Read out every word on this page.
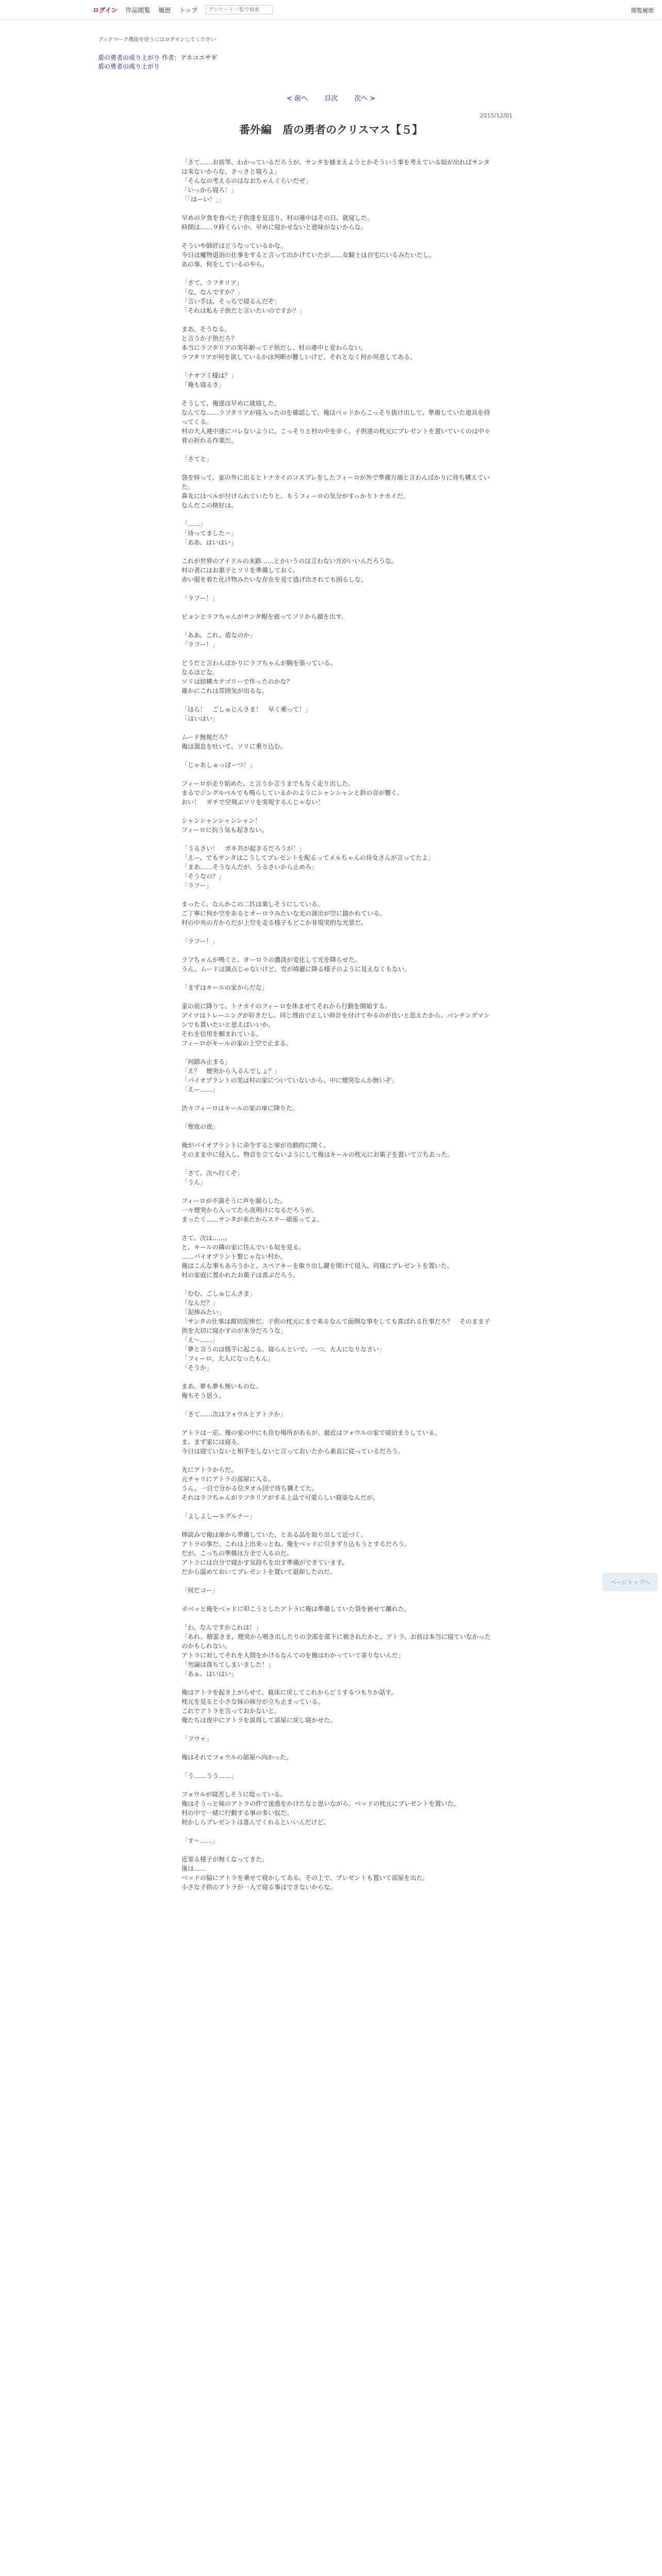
ログイン 作品閲覧 履歴 トップ
アンケート一覧で検索	閲覧履歴
ブックマーク機能を使うにはログインしてください
盾の勇者の成り上がり 作者：アネコユサギ
盾の勇者の成り上がり
< 前へ 目次 次へ >
2015/12/01
番外編　盾の勇者のクリスマス【５】

「さて……お前等、わかっているだろうが、サンタを捕まえようとかそういう事を考えている奴が出ればサンタは来ないからな、さっさと寝ろよ」
「そんなの考えるのはなおちゃんくらいだぜ」
「いっから寝ろ！」
「「はーい！」」

早めの夕食を食べた子供達を見送り、村の連中はその日、就寝した。
時間は……９時くらいか、早めに寝かせないと意味がないからな。

そういや師匠はどうなっているかな。
今日は魔物退治の仕事をすると言って出かけていたが……女騎士は自宅にいるみたいだし。
あの事、何をしているのやら。

「さて、ラフタリア」
「な、なんですか？」
「言い手は、そっちで寝るんだぞ」
「それは私も子供だと言いたいのですか？」

まあ、そうなる。
と言うか子供だろ？
本当にラフタリアの実年齢って子供だし、村の連中と変わらない。
ラフタリアが何を欲しているかは判断が難しいけど、それとなく何か用意してある。

「ナオフミ様は？」
「俺も寝るさ」

そうして、俺達は早めに就寝した。
なんてな……ラフタリアが寝入ったのを確認して、俺はベッドからこっそり抜け出して、準備していた道具を持ってくる。
村の大人連中達にバレないように、こっそりと村の中を歩く。子供達の枕元にプレゼントを置いていくのは中々骨の折れる作業だ。

「さてと」

袋を持って、家の外に出るとトナカイのコスプレをしたフィーロが外で準備万端と言わんばかりに待ち構えていた。
鼻先にはベルが付けられていたりと、もうフィーロの気分がすっかりトナカイだ。
なんだこの格好は。

「……」
「待ってました～」
「ああ、はいはい」

これが世界のアイドルの末路……とかいうのは言わない方がいいんだろうな。
村の者にはお菓子とソリを準備しておく。
赤い服を着た化け物みたいな存在を見て逃げ出されても困るしな。

「ラフー！」

ピョンとラフちゃんがサンタ帽を被ってソリから顔を出す。

「ああ、これ、盾なのか」
「ラフー！」

どうだと言わんばかりにラフちゃんが胸を張っている。
なるほどな。
ソリは結構カテゴリーで作ったのかな？
確かにこれは雰囲気が出るな。

「ほら！　ごしゅじんさま！　早く乗って！」
「はいはい」

ムード無視だろ？
俺は溜息を吐いて、ソリに乗り込む。

「じゃあしゅっぱーつ！」

フィーロが走り始めた、と言うか言うまでもなく走り出した。
まるでジングルベルでも鳴らしているかのようにシャンシャンと鈴の音が響く。
おい！　ガチで空飛ぶソリを実現するんじゃない！

シャンシャンシャンシャン！
フィーロに抗う気も起きない。

「うるさい！　ガキ共が起きるだろうが！」
「えー、でもサンタはこうしてプレゼントを配るってメルちゃんの侍女さんが言ってたよ」
「まあ……そうなんだが、うるさいから止めろ」
「そうなの？」
「ラフー」

まったく、なんかこの二匹は楽しそうにしている。
ご丁寧に何か空をあるとオーロラみたいな光の演出が空に描かれている。
村の中央の方からだが上空を走る様子もどこか非現実的な光景だ。

「ラフー！」

ラフちゃんが鳴くと、オーロラの濃淡が変化して光を降らせた。
うん、ムードは満点じゃないけど、雪が綺麗に降る様子のように見えなくもない。

「まずはキールの家からだな」

家の前に降りて、トナカイのフィーロを休ませてそれから行動を開始する。
アイツはトレーニングが好きだし、同じ理由で正しい時計を付けてやるのが良いと思えたから、パンチングマシンでも貰いたいと思えばいいか。
それを信用を頼まれている。
フィーロがキールの家の上空で止まる。

「何踏み止まる」
「え？　煙突から入るんでしょ？」
「バイオプラントの実は村の家についていないから、中に煙突なんか無いぞ」
「えー……」

渋々フィーロはキールの家の扉に降りた。

「聖夜の夜」

俺がバイオプラントに命令すると扉が自動的に開く。
そのまま中に侵入し、物音を立てないようにして俺はキールの枕元にお菓子を置いて立ち去った。

「さて、次へ行くぞ」
「うん」

フィーロが不満そうに声を漏らした。
一々煙突から入ってたら夜明けになるだろうが。
まったく……サンタが来たからステー頑張ってよ。

さて、次は……。
と、キールの隣の家に住んでいる奴を見る。
……バイオプラント製じゃない村か。
俺はこんな事もあろうかと、スペアキーを取り出し鍵を開けて侵入、同様にプレゼントを置いた。
村の家庭に置かれたお菓子は喜ぶだろう。

「むむ、ごしゅじんさま」
「なんだ？」
「泥棒みたい」
「サンタの仕事は親切泥棒だ。子供の枕元にまで来るなんて面倒な事をしても喜ばれる仕事だろ？　そのまま子供を大切に寝かすのが本分だろうな」
「え～……」
「夢と言うのは勝手に起こる。寝らんといで、一つ、大人になりなさい」
「フィーロ、大人になったもん」
「そうか」

まあ、夢も夢も無いものな。
俺もそう思う。

「さて……次はフォウルとアトラか」

アトラは一応、俺の家の中にも住む場所があるが、最近はフォウルの家で寝泊まりしている。
ま、まず家には寝る。
今日は寝ていないと相手をしないと言っておいたから素直に従っているだろう。

先にアトラからだ。
元チャリにアトラの部屋に入る。
うん、一目で分かる位タオル団で待ち構えてた。
それはラフちゃんがラフタリアがする上品で可愛らしい寝姿なんだが。

「よしよし―ネグルナー」

棒読みで俺は扉から準備していた、とある品を取り出して近づく。
アトラの事だ、これは上出来っとね。俺をベッドに引きずり込もうとするだろう。
だが、こっちの準備は万全で入るのだ。
アトラには自分で寝かす気持ちを出す準備ができています。
だから温めておいてプレゼントを置いて退却したのだ。

「何だコー」

ボベッと俺をベッドに叩こうとしたアトラに俺は準備していた袋を被せて離れた。

「わ、なんですかこれは！」
「あれ、精霊さま、煙突から鳴き出したりの全部を部下に被されたかと、アトラ、お前は本当に寝ていなかったのかもしれない。
アトラに対してそれを人間をかけるなんてのを俺はわかっていて寄りないんだ」
「勿論は落ちてしまいました！」
「あぁ、はいはい」

俺はアトラを起き上がらせて、寝床に戻してこれからどうするつもりか話す。
枕元を見ると小さな妹の妹分が立ち止まっている。
これでアトラを言っておかないと。
俺たちは夜中にアトラを説得して部屋に戻し寝かせた。

「フウゥ」

俺はそれでフォウルの部屋へ向かった。

「う……うう……」

フォウルが寝苦しそうに唸っている。
俺はそうっと妹のアトラの件で迷惑をかけたなと思いながら、ベッドの枕元にプレゼントを置いた。
村の中で一緒に行動する事の多い奴だ。
何かしらプレゼントは喜んでくれるといいんだけど。

「す～……」

近寄る様子が無くなってきた。
後は……
ベッドの脇にアトラを乗せて寝かしてある。その上で、プレゼントも置いて部屋を出た。
小さな子供のアトラが一人で寝る事はできないからな。

ページトップへ
